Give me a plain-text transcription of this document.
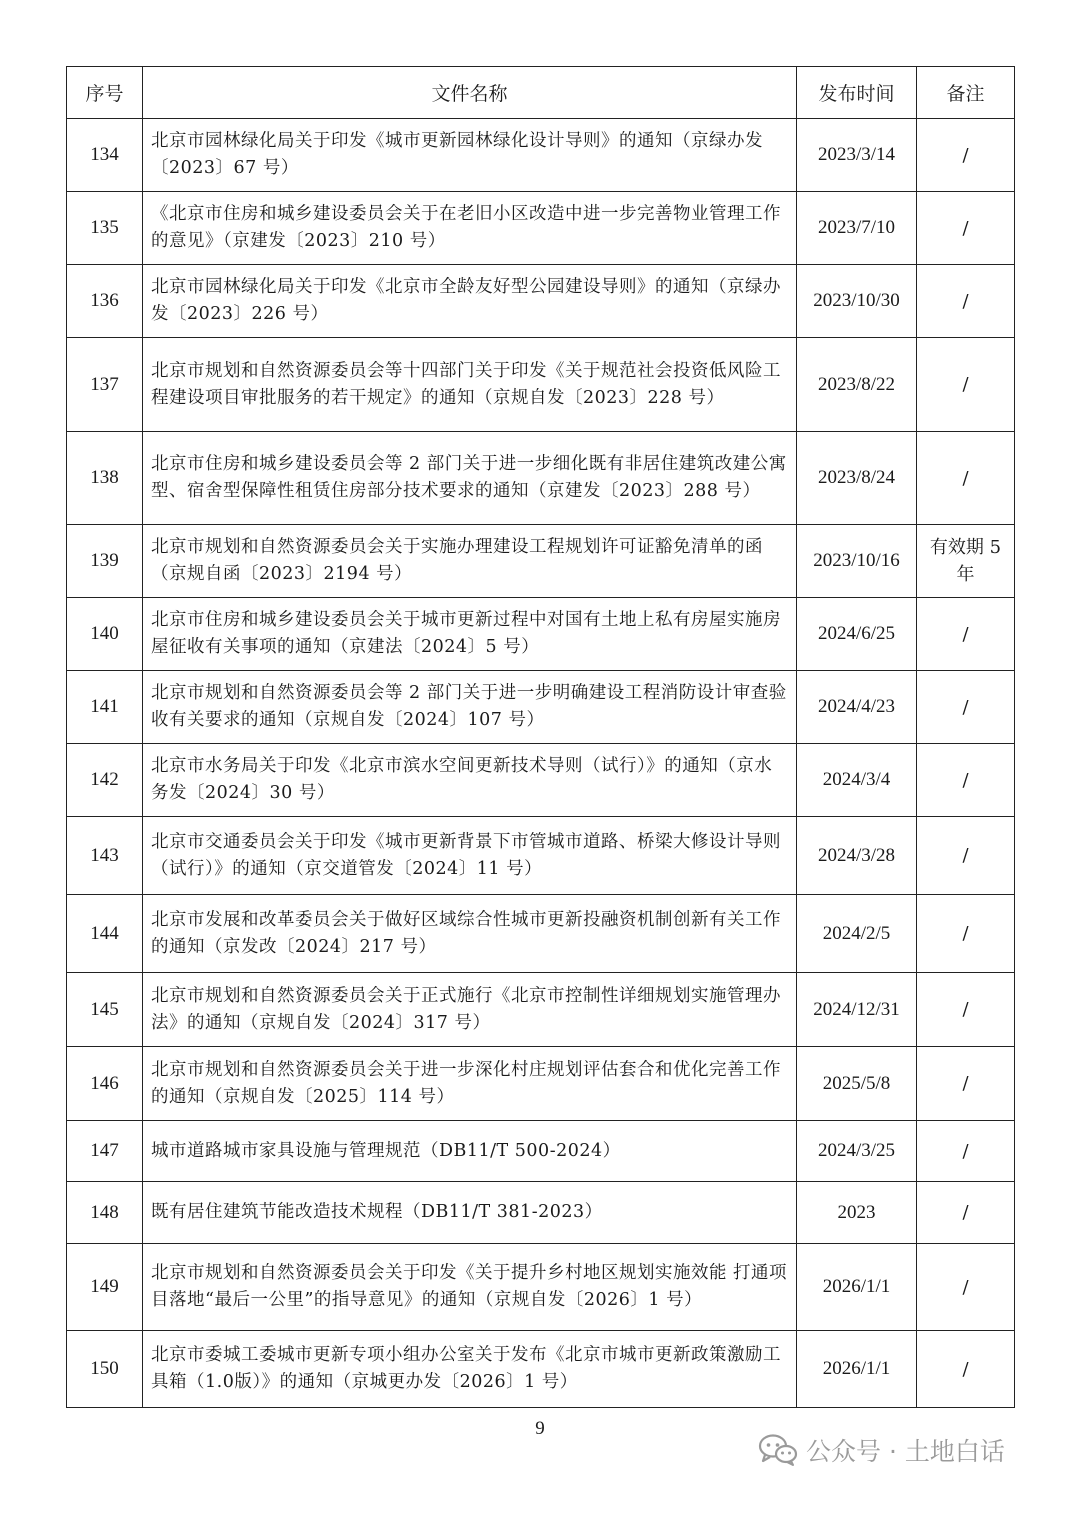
序号	文件名称	发布时间	备注
134	北京市园林绿化局关于印发《城市更新园林绿化设计导则》的通知（京绿办发〔2023〕67 号）	2023/3/14	/
135	《北京市住房和城乡建设委员会关于在老旧小区改造中进一步完善物业管理工作的意见》（京建发〔2023〕210 号）	2023/7/10	/
136	北京市园林绿化局关于印发《北京市全龄友好型公园建设导则》的通知（京绿办发〔2023〕226 号）	2023/10/30	/
137	北京市规划和自然资源委员会等十四部门关于印发《关于规范社会投资低风险工程建设项目审批服务的若干规定》的通知（京规自发〔2023〕228 号）	2023/8/22	/
138	北京市住房和城乡建设委员会等 2 部门关于进一步细化既有非居住建筑改建公寓型、宿舍型保障性租赁住房部分技术要求的通知（京建发〔2023〕288 号）	2023/8/24	/
139	北京市规划和自然资源委员会关于实施办理建设工程规划许可证豁免清单的函（京规自函〔2023〕2194 号）	2023/10/16	有效期 5 年
140	北京市住房和城乡建设委员会关于城市更新过程中对国有土地上私有房屋实施房屋征收有关事项的通知（京建法〔2024〕5 号）	2024/6/25	/
141	北京市规划和自然资源委员会等 2 部门关于进一步明确建设工程消防设计审查验收有关要求的通知（京规自发〔2024〕107 号）	2024/4/23	/
142	北京市水务局关于印发《北京市滨水空间更新技术导则（试行）》的通知（京水务发〔2024〕30 号）	2024/3/4	/
143	北京市交通委员会关于印发《城市更新背景下市管城市道路、桥梁大修设计导则（试行）》的通知（京交道管发〔2024〕11 号）	2024/3/28	/
144	北京市发展和改革委员会关于做好区域综合性城市更新投融资机制创新有关工作的通知（京发改〔2024〕217 号）	2024/2/5	/
145	北京市规划和自然资源委员会关于正式施行《北京市控制性详细规划实施管理办法》的通知（京规自发〔2024〕317 号）	2024/12/31	/
146	北京市规划和自然资源委员会关于进一步深化村庄规划评估套合和优化完善工作的通知（京规自发〔2025〕114 号）	2025/5/8	/
147	城市道路城市家具设施与管理规范（DB11/T 500-2024）	2024/3/25	/
148	既有居住建筑节能改造技术规程（DB11/T 381-2023）	2023	/
149	北京市规划和自然资源委员会关于印发《关于提升乡村地区规划实施效能 打通项目落地“最后一公里”的指导意见》的通知（京规自发〔2026〕1 号）	2026/1/1	/
150	北京市委城工委城市更新专项小组办公室关于发布《北京市城市更新政策激励工具箱（1.0版）》的通知（京城更办发〔2026〕1 号）	2026/1/1	/
9
公众号 · 土地白话
